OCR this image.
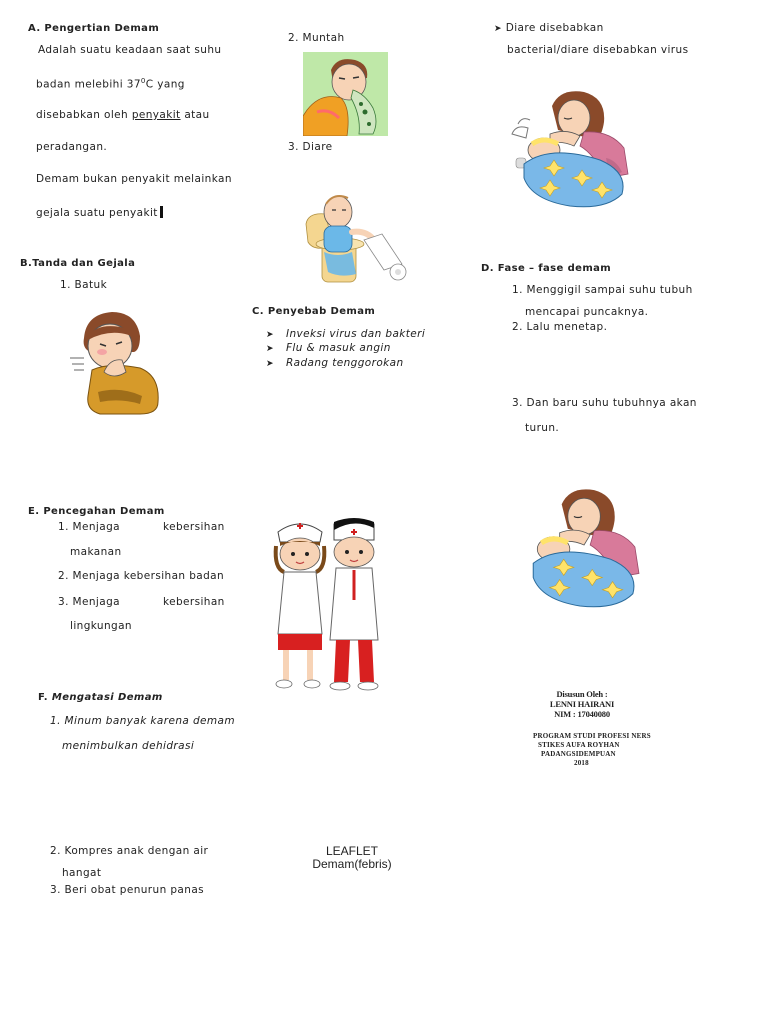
A. Pengertian Demam
Adalah suatu keadaan saat suhu
badan melebihi $37^0C$ yang
disebabkan oleh penyakit atau
peradangan.
Demam bukan penyakit melainkan
gejala suatu penyakit
B.Tanda dan Gejala
1. Batuk
2. Muntah
3. Diare
C. Penyebab Demam
➤ Inveksi virus dan bakteri
➤ Flu & masuk angin
➤ Radang tenggorokan
➤ Diare disebabkan
bacterial/diare disebabkan virus
D. Fase – fase demam
1. Menggigil sampai suhu tubuh
mencapai puncaknya.
2. Lalu menetap.
3. Dan baru suhu tubuhnya akan
turun.
E. Pencegahan Demam
1. Menjaga	kebersihan
makanan
2. Menjaga kebersihan badan
3. Menjaga	kebersihan
lingkungan
Disusun Oleh :
LENNI HAIRANI
NIM : 17040080
PROGRAM STUDI PROFESI NERS
STIKES AUFA ROYHAN
PADANGSIDEMPUAN
2018
F. Mengatasi Demam
1. Minum banyak karena demam
menimbulkan dehidrasi
2. Kompres anak dengan air
hangat
3. Beri obat penurun panas
LEAFLET
Demam(febris)
